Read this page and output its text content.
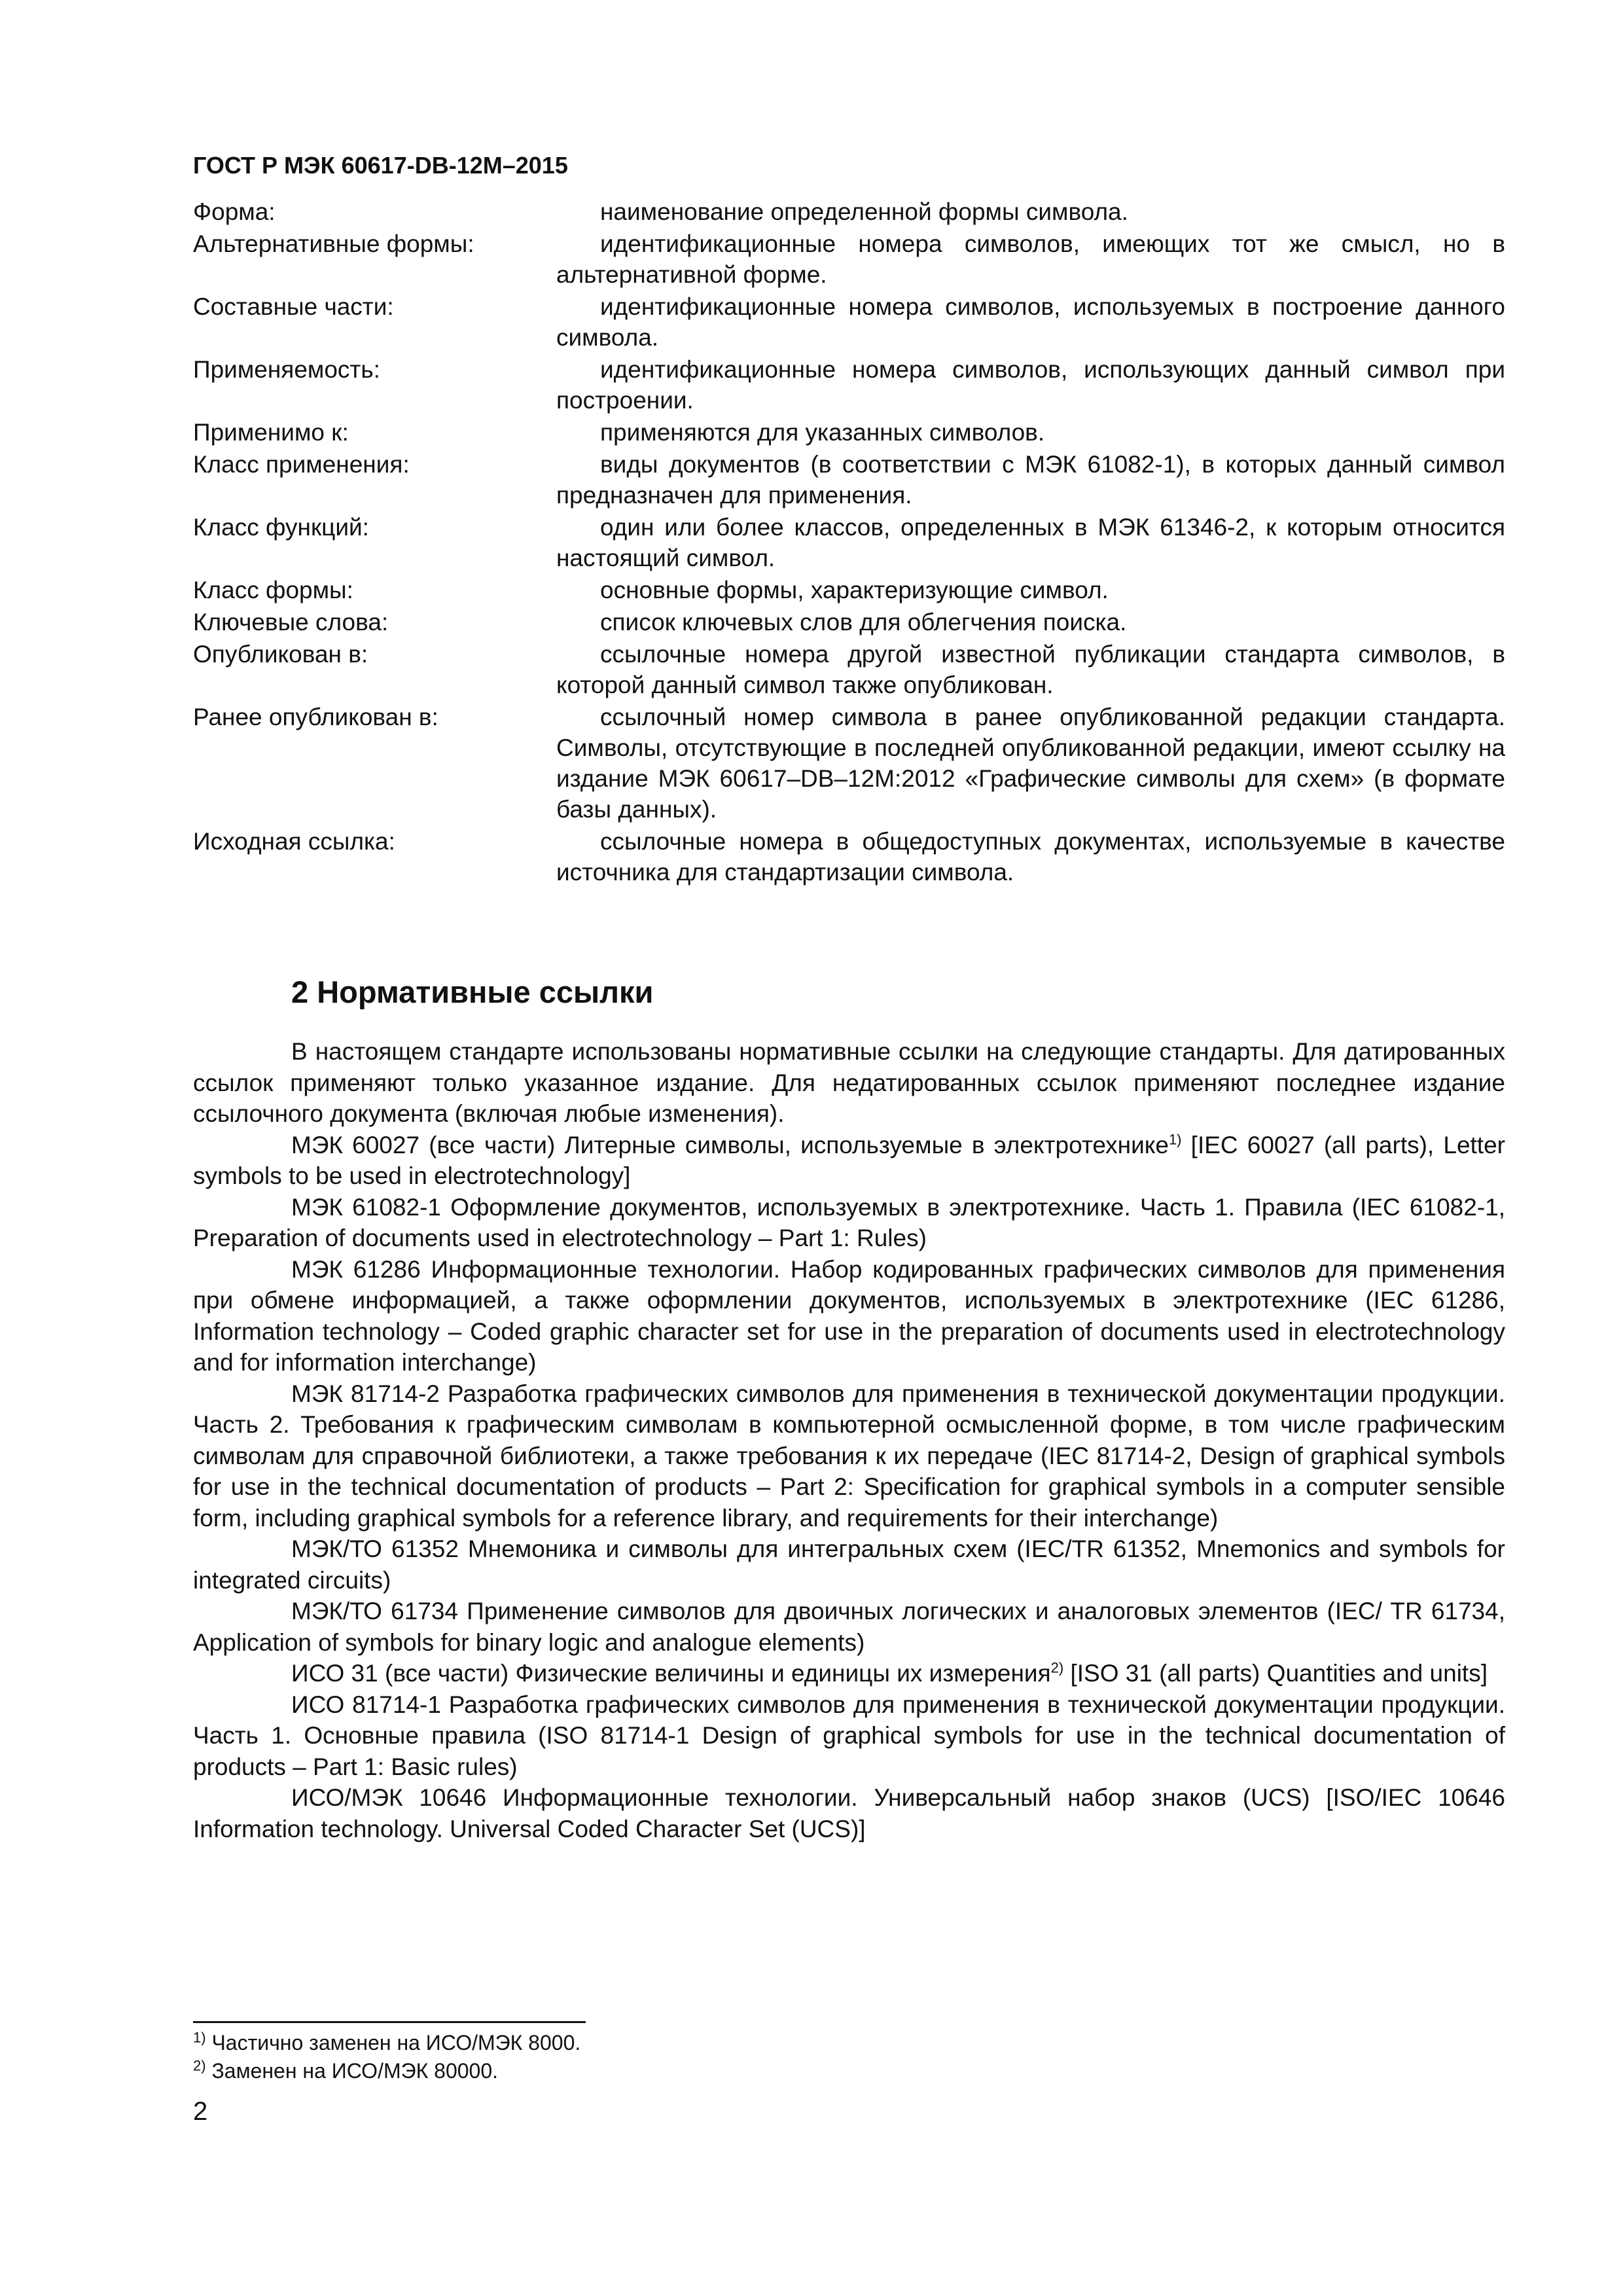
ГОСТ Р МЭК 60617-DB-12M–2015
Форма:	наименование определенной формы символа.
Альтернативные формы:	идентификационные номера символов, имеющих тот же смысл, но в альтернативной форме.
Составные части:	идентификационные номера символов, используемых в построение данного символа.
Применяемость:	идентификационные номера символов, использующих данный символ при построении.
Применимо к:	применяются для указанных символов.
Класс применения:	виды документов (в соответствии с МЭК 61082-1), в которых данный символ предназначен для применения.
Класс функций:	один или более классов, определенных в МЭК 61346-2, к которым относится настоящий символ.
Класс формы:	основные формы, характеризующие символ.
Ключевые слова:	список ключевых слов для облегчения поиска.
Опубликован в:	ссылочные номера другой известной публикации стандарта символов, в которой данный символ также опубликован.
Ранее опубликован в:	ссылочный номер символа в ранее опубликованной редакции стандарта. Символы, отсутствующие в последней опубликованной редакции, имеют ссылку на издание МЭК 60617–DB–12M:2012 «Графические символы для схем» (в формате базы данных).
Исходная ссылка:	ссылочные номера в общедоступных документах, используемые в качестве источника для стандартизации символа.
2 Нормативные ссылки

В настоящем стандарте использованы нормативные ссылки на следующие стандарты. Для датированных ссылок применяют только указанное издание. Для недатированных ссылок применяют последнее издание ссылочного документа (включая любые изменения).

МЭК 60027 (все части) Литерные символы, используемые в электротехнике$^{1)}$ [IEC 60027 (all parts), Letter symbols to be used in electrotechnology]

МЭК 61082-1 Оформление документов, используемых в электротехнике. Часть 1. Правила (IEC 61082-1, Preparation of documents used in electrotechnology – Part 1: Rules)

МЭК 61286 Информационные технологии. Набор кодированных графических символов для применения при обмене информацией, а также оформлении документов, используемых в электротехнике (IEC 61286, Information technology – Coded graphic character set for use in the preparation of documents used in electrotechnology and for information interchange)

МЭК 81714-2 Разработка графических символов для применения в технической документации продукции. Часть 2. Требования к графическим символам в компьютерной осмысленной форме, в том числе графическим символам для справочной библиотеки, а также требования к их передаче (IEC 81714-2, Design of graphical symbols for use in the technical documentation of products – Part 2: Specification for graphical symbols in a computer sensible form, including graphical symbols for a reference library, and requirements for their interchange)

МЭК/ТО 61352 Мнемоника и символы для интегральных схем (IEC/TR 61352, Mnemonics and symbols for integrated circuits)

МЭК/ТО 61734 Применение символов для двоичных логических и аналоговых элементов (IEC/ TR 61734, Application of symbols for binary logic and analogue elements)

ИСО 31 (все части) Физические величины и единицы их измерения$^{2)}$ [ISO 31 (all parts) Quantities and units]

ИСО 81714-1 Разработка графических символов для применения в технической документации продукции. Часть 1. Основные правила (ISO 81714-1 Design of graphical symbols for use in the technical documentation of products – Part 1: Basic rules)

ИСО/МЭК 10646 Информационные технологии. Универсальный набор знаков (UCS) [ISO/IEC 10646 Information technology. Universal Coded Character Set (UCS)]

$^{1)}$ Частично заменен на ИСО/МЭК 8000.
$^{2)}$ Заменен на ИСО/МЭК 80000.
2
